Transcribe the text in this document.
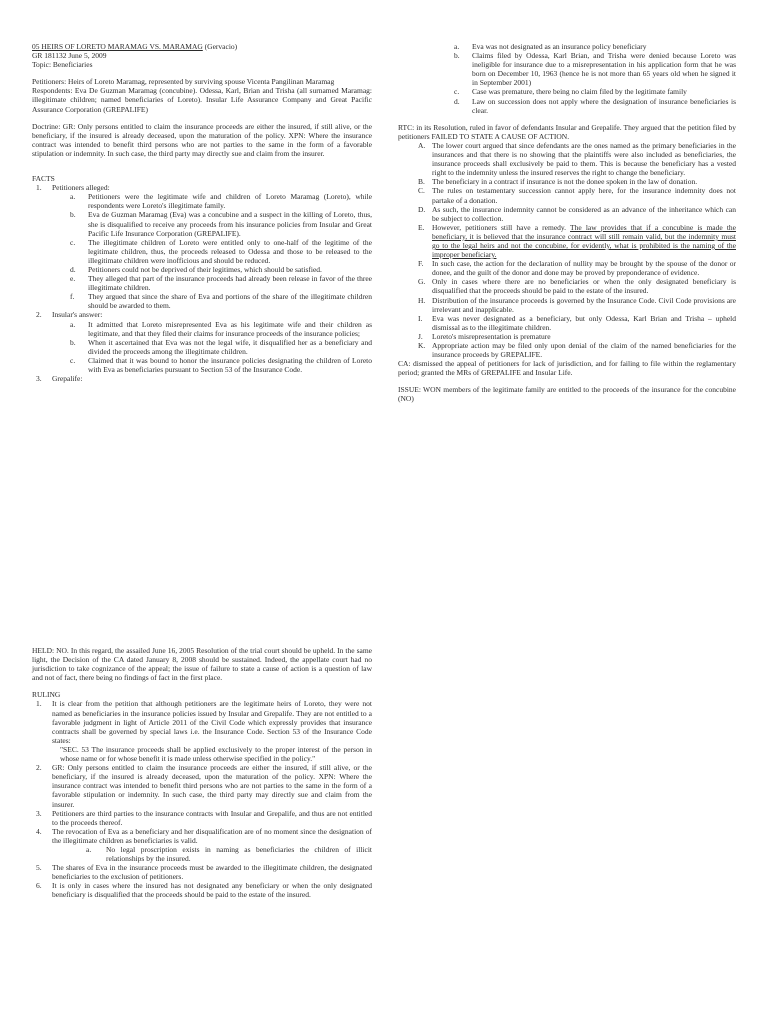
05 HEIRS OF LORETO MARAMAG VS. MARAMAG (Gervacio)

GR 181132 June 5, 2009

Topic: Beneficiaries

Petitioners: Heirs of Loreto Maramag, represented by surviving spouse Vicenta Pangilinan Maramag

Respondents: Eva De Guzman Maramag (concubine). Odessa, Karl, Brian and Trisha (all surnamed Maramag: illegitimate children; named beneficiaries of Loreto). Insular Life Assurance Company and Great Pacific Assurance Corporation (GREPALIFE)

Doctrine: GR: Only persons entitled to claim the insurance proceeds are either the insured, if still alive, or the beneficiary, if the insured is already deceased, upon the maturation of the policy. XPN: Where the insurance contract was intended to benefit third persons who are not parties to the same in the form of a favorable stipulation or indemnity. In such case, the third party may directly sue and claim from the insurer.

FACTS

1. Petitioners alleged:
a. Petitioners were the legitimate wife and children of Loreto Maramag (Loreto), while respondents were Loreto's illegitimate family.
b. Eva de Guzman Maramag (Eva) was a concubine and a suspect in the killing of Loreto, thus, she is disqualified to receive any proceeds from his insurance policies from Insular and Great Pacific Life Insurance Corporation (GREPALIFE).
c. The illegitimate children of Loreto were entitled only to one-half of the legitime of the legitimate children, thus, the proceeds released to Odessa and those to be released to the illegitimate children were inofficious and should be reduced.
d. Petitioners could not be deprived of their legitimes, which should be satisfied.
e. They alleged that part of the insurance proceeds had already been release in favor of the three illegitimate children.
f. They argued that since the share of Eva and portions of the share of the illegitimate children should be awarded to them.
2. Insular's answer:
a. It admitted that Loreto misrepresented Eva as his legitimate wife and their children as legitimate, and that they filed their claims for insurance proceeds of the insurance policies;
b. When it ascertained that Eva was not the legal wife, it disqualified her as a beneficiary and divided the proceeds among the illegitimate children.
c. Claimed that it was bound to honor the insurance policies designating the children of Loreto with Eva as beneficiaries pursuant to Section 53 of the Insurance Code.
3. Grepalife:
a. Eva was not designated as an insurance policy beneficiary
b. Claims filed by Odessa, Karl Brian, and Trisha were denied because Loreto was ineligible for insurance due to a misrepresentation in his application form that he was born on December 10, 1963 (hence he is not more than 65 years old when he signed it in September 2001)
c. Case was premature, there being no claim filed by the legitimate family
d. Law on succession does not apply where the designation of insurance beneficiaries is clear.

RTC: in its Resolution, ruled in favor of defendants Insular and Grepalife. They argued that the petition filed by petitioners FAILED TO STATE A CAUSE OF ACTION.

A. The lower court argued that since defendants are the ones named as the primary beneficiaries in the insurances and that there is no showing that the plaintiffs were also included as beneficiaries, the insurance proceeds shall exclusively be paid to them. This is because the beneficiary has a vested right to the indemnity unless the insured reserves the right to change the beneficiary.
B. The beneficiary in a contract if insurance is not the donee spoken in the law of donation.
C. The rules on testamentary succession cannot apply here, for the insurance indemnity does not partake of a donation.
D. As such, the insurance indemnity cannot be considered as an advance of the inheritance which can be subject to collection.
E. However, petitioners still have a remedy. The law provides that if a concubine is made the beneficiary, it is believed that the insurance contract will still remain valid, but the indemnity must go to the legal heirs and not the concubine, for evidently, what is prohibited is the naming of the improper beneficiary.
F. In such case, the action for the declaration of nullity may be brought by the spouse of the donor or donee, and the guilt of the donor and done may be proved by preponderance of evidence.
G. Only in cases where there are no beneficiaries or when the only designated beneficiary is disqualified that the proceeds should be paid to the estate of the insured.
H. Distribution of the insurance proceeds is governed by the Insurance Code. Civil Code provisions are irrelevant and inapplicable.
I. Eva was never designated as a beneficiary, but only Odessa, Karl Brian and Trisha – upheld dismissal as to the illegitimate children.
J. Loreto's misrepresentation is premature
K. Appropriate action may be filed only upon denial of the claim of the named beneficiaries for the insurance proceeds by GREPALIFE.

CA: dismissed the appeal of petitioners for lack of jurisdiction, and for failing to file within the reglamentary period; granted the MRs of GREPALIFE and Insular Life.

ISSUE: WON members of the legitimate family are entitled to the proceeds of the insurance for the concubine (NO)

HELD: NO. In this regard, the assailed June 16, 2005 Resolution of the trial court should be upheld. In the same light, the Decision of the CA dated January 8, 2008 should be sustained. Indeed, the appellate court had no jurisdiction to take cognizance of the appeal; the issue of failure to state a cause of action is a question of law and not of fact, there being no findings of fact in the first place.

RULING

1. It is clear from the petition that although petitioners are the legitimate heirs of Loreto, they were not named as beneficiaries in the insurance policies issued by Insular and Grepalife. They are not entitled to a favorable judgment in light of Article 2011 of the Civil Code which expressly provides that insurance contracts shall be governed by special laws i.e. the Insurance Code. Section 53 of the Insurance Code states:

"SEC. 53 The insurance proceeds shall be applied exclusively to the proper interest of the person in whose name or for whose benefit it is made unless otherwise specified in the policy."

2. GR: Only persons entitled to claim the insurance proceeds are either the insured, if still alive, or the beneficiary, if the insured is already deceased, upon the maturation of the policy. XPN: Where the insurance contract was intended to benefit third persons who are not parties to the same in the form of a favorable stipulation or indemnity. In such case, the third party may directly sue and claim from the insurer.
3. Petitioners are third parties to the insurance contracts with Insular and Grepalife, and thus are not entitled to the proceeds thereof.
4. The revocation of Eva as a beneficiary and her disqualification are of no moment since the designation of the illegitimate children as beneficiaries is valid.
a. No legal proscription exists in naming as beneficiaries the children of illicit relationships by the insured.
5. The shares of Eva in the insurance proceeds must be awarded to the illegitimate children, the designated beneficiaries to the exclusion of petitioners.
6. It is only in cases where the insured has not designated any beneficiary or when the only designated beneficiary is disqualified that the proceeds should be paid to the estate of the insured.
